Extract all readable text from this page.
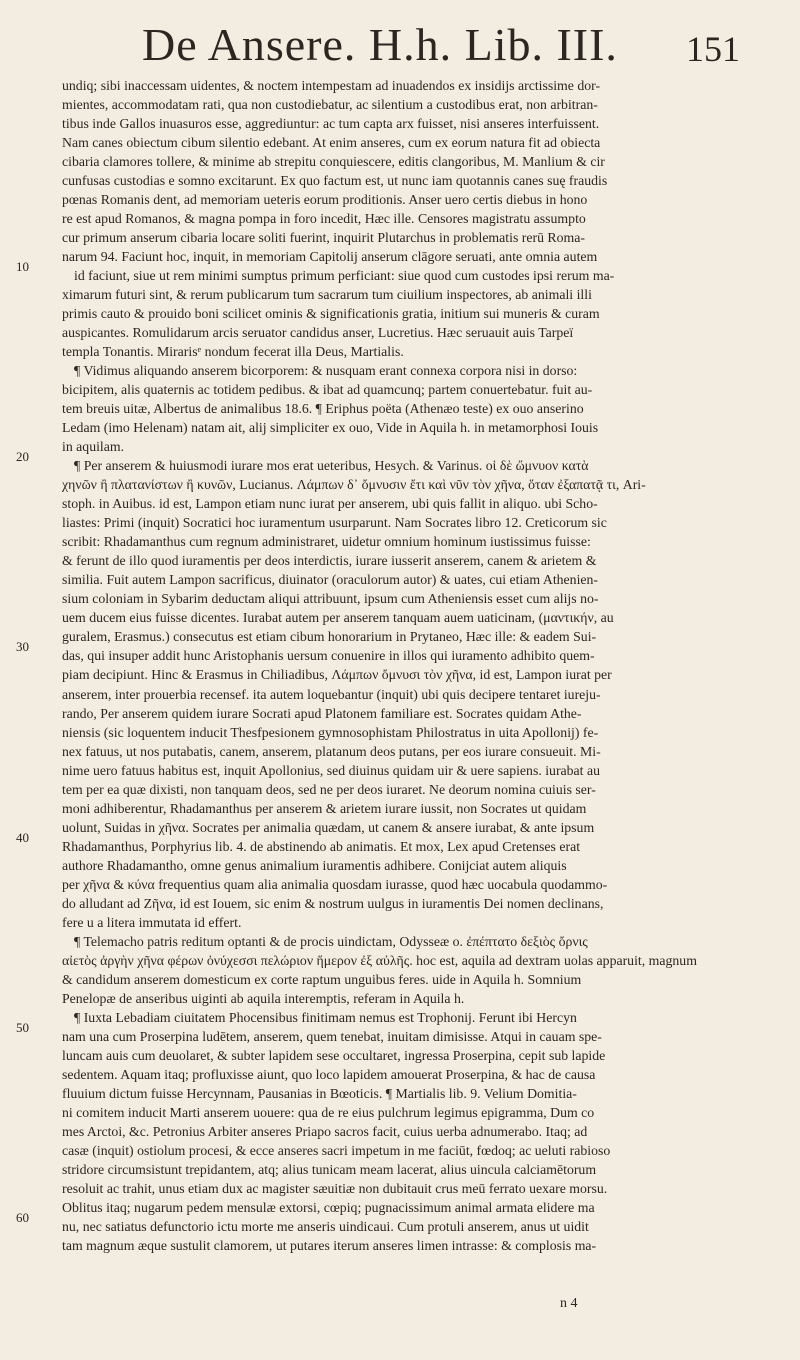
De Ansere. H.h. Lib. III. 151
undiq; sibi inaccessam uidentes, & noctem intempestam ad inuadendos ex insidijs arctissime dor-
mientes, accommodatam rati, qua non custodiebatur, ac silentium a custodibus erat, non arbitran-
tibus inde Gallos inuasuros esse, aggrediuntur: ac tum capta arx fuisset, nisi anseres interfuissent.
Nam canes obiectum cibum silentio edebant. At enim anseres, cum ex eorum natura fit ad obiecta
cibaria clamores tollere, & minime ab strepitu conquiescere, editis clangoribus, M. Manlium & cir
cunfusas custodias e somno excitarunt. Ex quo factum est, ut nunc iam quotannis canes suę fraudis
pœnas Romanis dent, ad memoriam ueteris eorum proditionis. Anser uero certis diebus in hono
re est apud Romanos, & magna pompa in foro incedit, Hæc ille. Censores magistratu assumpto
cur primum anserum cibaria locare soliti fuerint, inquirit Plutarchus in problematis rerū Roma-
narum 94. Faciunt hoc, inquit, in memoriam Capitolij anserum clāgore seruati, ante omnia autem
id faciunt, siue ut rem minimi sumptus primum perficiant: siue quod cum custodes ipsi rerum ma-
ximarum futuri sint, & rerum publicarum tum sacrarum tum ciuilium inspectores, ab animali illi
primis cauto & prouido boni scilicet ominis & significationis gratia, initium sui muneris & curam
auspicantes. Romulidarum arcis seruator candidus anser, Lucretius. Hæc seruauit auis Tarpeï
templa Tonantis. Mirarisᵉ nondum fecerat illa Deus, Martialis.
¶ Vidimus aliquando anserem bicorporem: & nusquam erant connexa corpora nisi in dorso:
bicipitem, alis quaternis ac totidem pedibus. & ibat ad quamcunq; partem conuertebatur. fuit au-
tem breuis uitæ, Albertus de animalibus 18.6. ¶ Eriphus poëta (Athenæo teste) ex ouo anserino
Ledam (imo Helenam) natam ait, alij simpliciter ex ouo, Vide in Aquila h. in metamorphosi Iouis
in aquilam.
¶ Per anserem & huiusmodi iurare mos erat ueteribus, Hesych. & Varinus. οἱ δὲ ὤμνυον κατὰ
χηνῶν ἢ πλατανίστων ἢ κυνῶν, Lucianus. Λάμπων δ᾽ ὄμνυσιν ἔτι καὶ νῦν τὸν χῆνα, ὅταν ἐξαπατᾷ τι, Ari-
stoph. in Auibus. id est, Lampon etiam nunc iurat per anserem, ubi quis fallit in aliquo. ubi Scho-
liastes: Primi (inquit) Socratici hoc iuramentum usurparunt. Nam Socrates libro 12. Creticorum sic
scribit: Rhadamanthus cum regnum administraret, uidetur omnium hominum iustissimus fuisse:
& ferunt de illo quod iuramentis per deos interdictis, iurare iusserit anserem, canem & arietem &
similia. Fuit autem Lampon sacrificus, diuinator (oraculorum autor) & uates, cui etiam Athenien-
sium coloniam in Sybarim deductam aliqui attribuunt, ipsum cum Atheniensis esset cum alijs no-
uem ducem eius fuisse dicentes. Iurabat autem per anserem tanquam auem uaticinam, (μαντικήν, au
guralem, Erasmus.) consecutus est etiam cibum honorarium in Prytaneo, Hæc ille: & eadem Sui-
das, qui insuper addit hunc Aristophanis uersum conuenire in illos qui iuramento adhibito quem-
piam decipiunt. Hinc & Erasmus in Chiliadibus, Λάμπων ὄμνυσι τὸν χῆνα, id est, Lampon iurat per
anserem, inter prouerbia recensef. ita autem loquebantur (inquit) ubi quis decipere tentaret iureju-
rando, Per anserem quidem iurare Socrati apud Platonem familiare est. Socrates quidam Athe-
niensis (sic loquentem inducit Thesfpesionem gymnosophistam Philostratus in uita Apollonij) fe-
nex fatuus, ut nos putabatis, canem, anserem, platanum deos putans, per eos iurare consueuit. Mi-
nime uero fatuus habitus est, inquit Apollonius, sed diuinus quidam uir & uere sapiens. iurabat au
tem per ea quæ dixisti, non tanquam deos, sed ne per deos iuraret. Ne deorum nomina cuiuis ser-
moni adhiberentur, Rhadamanthus per anserem & arietem iurare iussit, non Socrates ut quidam
uolunt, Suidas in χῆνα. Socrates per animalia quædam, ut canem & ansere iurabat, & ante ipsum
Rhadamanthus, Porphyrius lib. 4. de abstinendo ab animatis. Et mox, Lex apud Cretenses erat
authore Rhadamantho, omne genus animalium iuramentis adhibere. Conijciat autem aliquis
per χῆνα & κύνα frequentius quam alia animalia quosdam iurasse, quod hæc uocabula quodammo-
do alludant ad Ζῆνα, id est Iouem, sic enim & nostrum uulgus in iuramentis Dei nomen declinans,
fere u a litera immutata id effert.
¶ Telemacho patris reditum optanti & de procis uindictam, Odysseæ o. ἐπέπτατο δεξιὸς ὄρνις
αἰετὸς ἀργὴν χῆνα φέρων ὀνύχεσσι πελώριον ἥμερον ἐξ αὐλῆς. hoc est, aquila ad dextram uolas apparuit, magnum
& candidum anserem domesticum ex corte raptum unguibus feres. uide in Aquila h. Somnium
Penelopæ de anseribus uiginti ab aquila interemptis, referam in Aquila h.
¶ Iuxta Lebadiam ciuitatem Phocensibus finitimam nemus est Trophonij. Ferunt ibi Hercyn
nam una cum Proserpina ludētem, anserem, quem tenebat, inuitam dimisisse. Atqui in cauam spe-
luncam auis cum deuolaret, & subter lapidem sese occultaret, ingressa Proserpina, cepit sub lapide
sedentem. Aquam itaq; profluxisse aiunt, quo loco lapidem amouerat Proserpina, & hac de causa
fluuium dictum fuisse Hercynnam, Pausanias in Bœoticis. ¶ Martialis lib. 9. Velium Domitia-
ni comitem inducit Marti anserem uouere: qua de re eius pulchrum legimus epigramma, Dum co
mes Arctoi, &c. Petronius Arbiter anseres Priapo sacros facit, cuius uerba adnumerabo. Itaq; ad
casæ (inquit) ostiolum procesi, & ecce anseres sacri impetum in me faciūt, fœdoq; ac ueluti rabioso
stridore circumsistunt trepidantem, atq; alius tunicam meam lacerat, alius uincula calciamētorum
resoluit ac trahit, unus etiam dux ac magister sæuitiæ non dubitauit crus meū ferrato uexare morsu.
Oblitus itaq; nugarum pedem mensulæ extorsi, cœpiq; pugnacissimum animal armata elidere ma
nu, nec satiatus defunctorio ictu morte me anseris uindicaui. Cum protuli anserem, anus ut uidit
tam magnum æque sustulit clamorem, ut putares iterum anseres limen intrasse: & complosis ma-
10
20
30
40
50
60
n 4
